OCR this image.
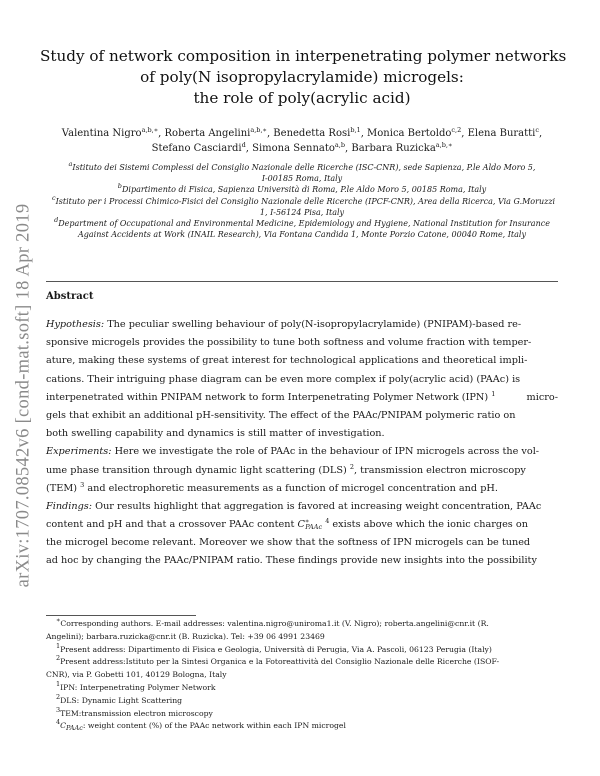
arXiv:1707.08542v6 [cond-mat.soft] 18 Apr 2019
Study of network composition in interpenetrating polymer networks
of poly(N isopropylacrylamide) microgels:
the role of poly(acrylic acid)
Valentina Nigro$^{a,b,∗}$, Roberta Angelini$^{a,b,∗}$, Benedetta Rosi$^{b,1}$, Monica Bertoldo$^{c,2}$, Elena Buratti$^c$,
Stefano Casciardi$^d$, Simona Sennato$^{a,b}$, Barbara Ruzicka$^{a,b,∗}$
$^a$Istituto dei Sistemi Complessi del Consiglio Nazionale delle Ricerche (ISC-CNR), sede Sapienza, P.le Aldo Moro 5,
I-00185 Roma, Italy
$^b$Dipartimento di Fisica, Sapienza Università di Roma, P.le Aldo Moro 5, 00185 Roma, Italy
$^c$Istituto per i Processi Chimico-Fisici del Consiglio Nazionale delle Ricerche (IPCF-CNR), Area della Ricerca, Via G.Moruzzi
1, I-56124 Pisa, Italy
$^d$Department of Occupational and Environmental Medicine, Epidemiology and Hygiene, National Institution for Insurance
Against Accidents at Work (INAIL Research), Via Fontana Candida 1, Monte Porzio Catone, 00040 Rome, Italy
Abstract
Hypothesis: The peculiar swelling behaviour of poly(N-isopropylacrylamide) (PNIPAM)-based re-
sponsive microgels provides the possibility to tune both softness and volume fraction with temper-
ature, making these systems of great interest for technological applications and theoretical impli-
cations. Their intriguing phase diagram can be even more complex if poly(acrylic acid) (PAAc) is
interpenetrated within PNIPAM network to form Interpenetrating Polymer Network (IPN) $^1$	micro-
gels that exhibit an additional pH-sensitivity. The effect of the PAAc/PNIPAM polymeric ratio on
both swelling capability and dynamics is still matter of investigation.
Experiments: Here we investigate the role of PAAc in the behaviour of IPN microgels across the vol-
ume phase transition through dynamic light scattering (DLS) $^2$, transmission electron microscopy
(TEM) $^3$ and electrophoretic measurements as a function of microgel concentration and pH.
Findings: Our results highlight that aggregation is favored at increasing weight concentration, PAAc
content and pH and that a crossover PAAc content $C^∗_{PAAc}$ $^4$ exists above which the ionic charges on
the microgel become relevant. Moreover we show that the softness of IPN microgels can be tuned
ad hoc by changing the PAAc/PNIPAM ratio. These findings provide new insights into the possibility
∗Corresponding authors. E-mail addresses: valentina.nigro@uniroma1.it (V. Nigro); roberta.angelini@cnr.it (R.
Angelini); barbara.ruzicka@cnr.it (B. Ruzicka). Tel: +39 06 4991 23469
$^1$Present address: Dipartimento di Fisica e Geologia, Università di Perugia, Via A. Pascoli, 06123 Perugia (Italy)
$^2$Present address:Istituto per la Sintesi Organica e la Fotoreattività del Consiglio Nazionale delle Ricerche (ISOF-
CNR), via P. Gobetti 101, 40129 Bologna, Italy
$^1$IPN: Interpenetrating Polymer Network
$^2$DLS: Dynamic Light Scattering
$^3$TEM:transmission electron microscopy
$^4C_{PAAc}$: weight content (%) of the PAAc network within each IPN microgel
